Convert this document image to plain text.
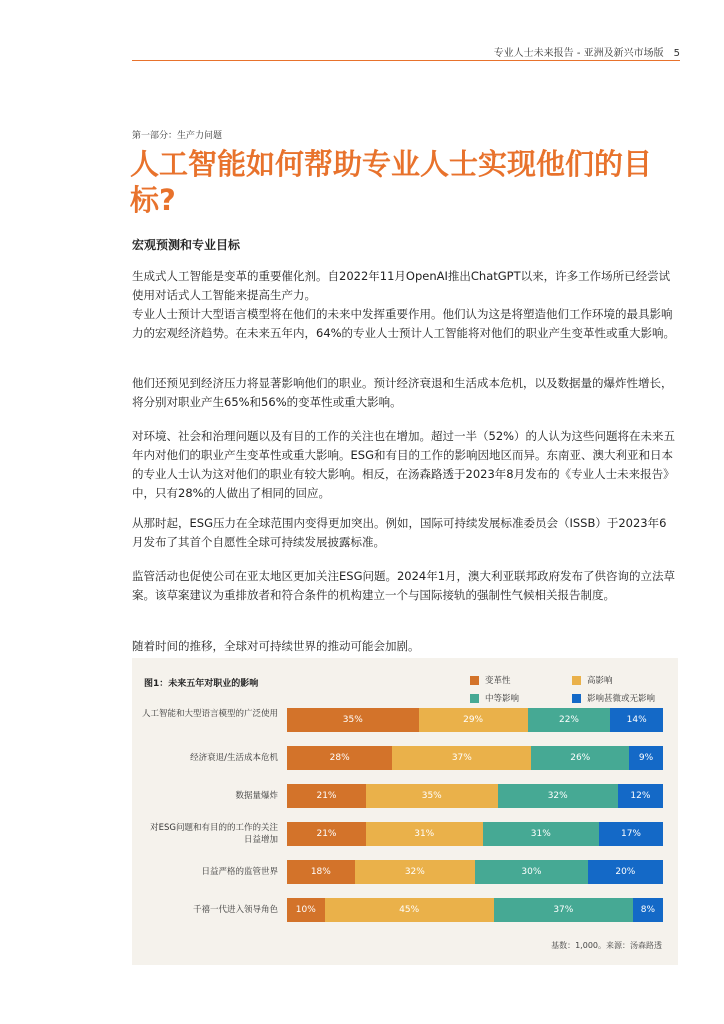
专业人士未来报告 - 亚洲及新兴市场版 5
第一部分：生产力问题
人工智能如何帮助专业人士实现他们的目标?
宏观预测和专业目标

生成式人工智能是变革的重要催化剂。自2022年11月OpenAI推出ChatGPT以来，许多工作场所已经尝试使用对话式人工智能来提高生产力。

专业人士预计大型语言模型将在他们的未来中发挥重要作用。他们认为这是将塑造他们工作环境的最具影响力的宏观经济趋势。在未来五年内，64%的专业人士预计人工智能将对他们的职业产生变革性或重大影响。

他们还预见到经济压力将显著影响他们的职业。预计经济衰退和生活成本危机，以及数据量的爆炸性增长，将分别对职业产生65%和56%的变革性或重大影响。

对环境、社会和治理问题以及有目的工作的关注也在增加。超过一半（52%）的人认为这些问题将在未来五年内对他们的职业产生变革性或重大影响。ESG和有目的工作的影响因地区而异。东南亚、澳大利亚和日本的专业人士认为这对他们的职业有较大影响。相反，在汤森路透于2023年8月发布的《专业人士未来报告》中，只有28%的人做出了相同的回应。

从那时起，ESG压力在全球范围内变得更加突出。例如，国际可持续发展标准委员会（ISSB）于2023年6月发布了其首个自愿性全球可持续发展披露标准。

监管活动也促使公司在亚太地区更加关注ESG问题。2024年1月，澳大利亚联邦政府发布了供咨询的立法草案。该草案建议为重排放者和符合条件的机构建立一个与国际接轨的强制性气候相关报告制度。

随着时间的推移，全球对可持续世界的推动可能会加剧。

图1：未来五年对职业的影响	变革性	高影响
中等影响	影响甚微或无影响
人工智能和大型语言模型的广泛使用
35%	29%	22%	14%
经济衰退/生活成本危机	28%	37%	26%	9%
数据量爆炸	21%	35%	32%	12%
对ESG问题和有目的的工作的关注日益增加
21%	31%	31%	17%
日益严格的监管世界	18%	32%	30%	20%
千禧一代进入领导角色	10%	45%	37%	8%
基数：1,000。来源：汤森路透
